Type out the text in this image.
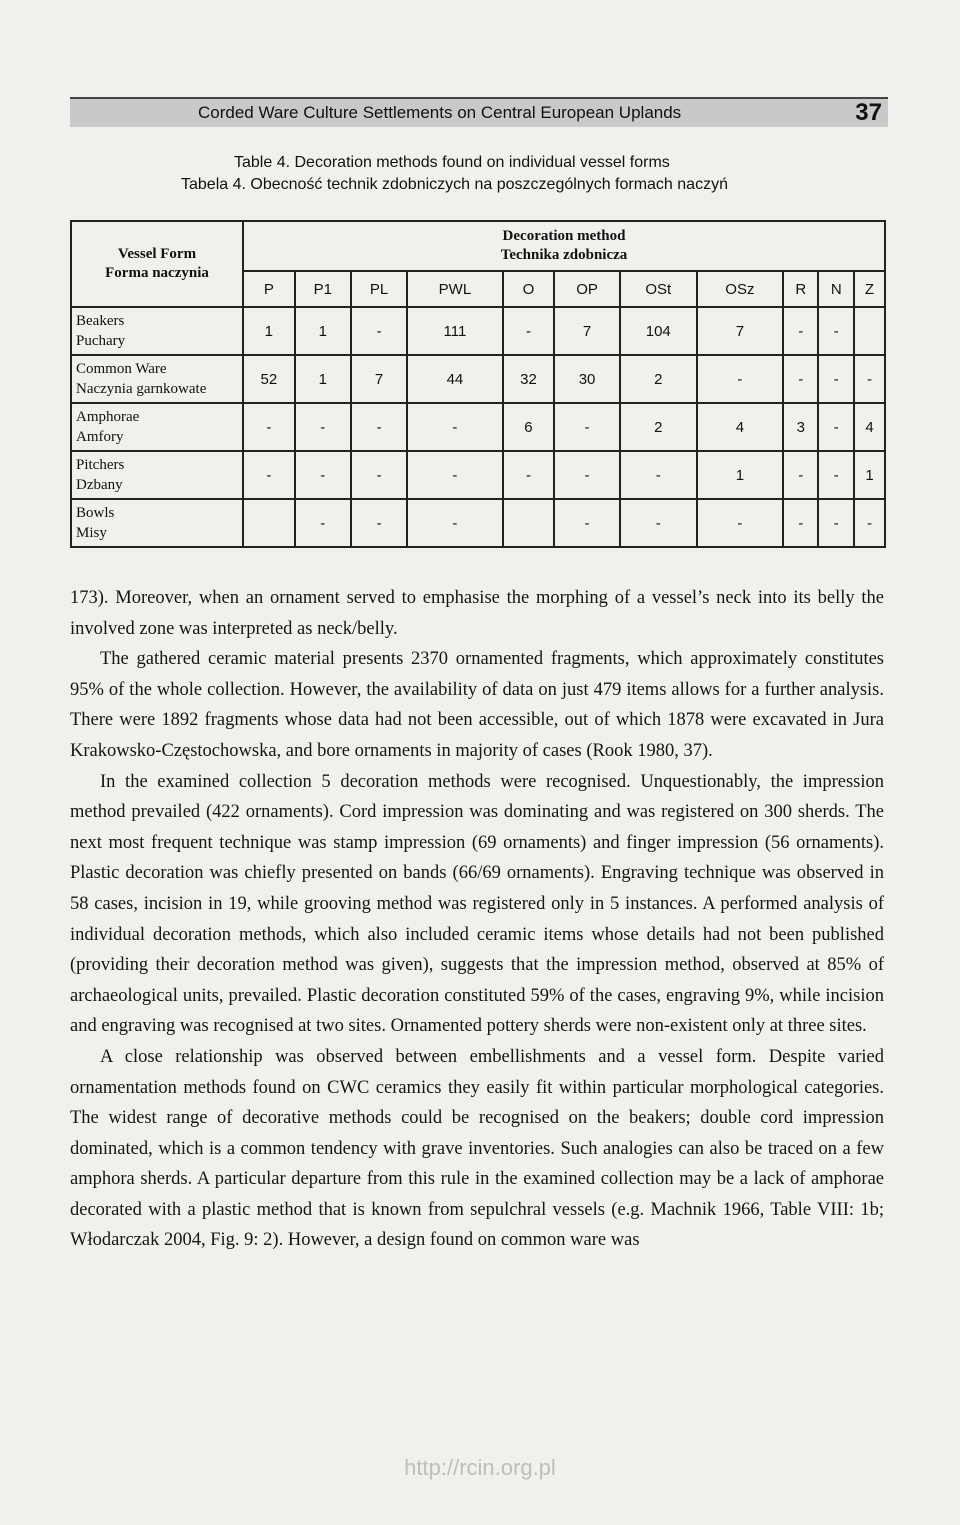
Corded Ware Culture Settlements on Central European Uplands	37
Table 4. Decoration methods found on individual vessel forms
Tabela 4. Obecność technik zdobniczych na poszczególnych formach naczyń
Vessel Form
Forma naczynia	Decoration method
Technika zdobnicza										
	P	P1	PL	PWL	O	OP	OSt	OSz	R	N	Z
Beakers
Puchary	1	1	-	111	-	7	104	7	-	-	
Common Ware
Naczynia garnkowate	52	1	7	44	32	30	2	-	-	-	-
Amphorae
Amfory	-	-	-	-	6	-	2	4	3	-	4
Pitchers
Dzbany	-	-	-	-	-	-	-	1	-	-	1
Bowls
Misy		-	-	-		-	-	-	-	-	-

173). Moreover, when an ornament served to emphasise the morphing of a vessel’s neck into its belly the involved zone was interpreted as neck/belly.

The gathered ceramic material presents 2370 ornamented fragments, which approximately constitutes 95% of the whole collection. However, the availability of data on just 479 items allows for a further analysis. There were 1892 fragments whose data had not been accessible, out of which 1878 were excavated in Jura Krakowsko-Częstochowska, and bore ornaments in majority of cases (Rook 1980, 37).

In the examined collection 5 decoration methods were recognised. Unquestionably, the impression method prevailed (422 ornaments). Cord impression was dominating and was registered on 300 sherds. The next most frequent technique was stamp impression (69 ornaments) and finger impression (56 ornaments). Plastic decoration was chiefly presented on bands (66/69 ornaments). Engraving technique was observed in 58 cases, incision in 19, while grooving method was registered only in 5 instances. A performed analysis of individual decoration methods, which also included ceramic items whose details had not been published (providing their decoration method was given), suggests that the impression method, observed at 85% of archaeological units, prevailed. Plastic decoration constituted 59% of the cases, engraving 9%, while incision and engraving was recognised at two sites. Ornamented pottery sherds were non-existent only at three sites.

A close relationship was observed between embellishments and a vessel form. Despite varied ornamentation methods found on CWC ceramics they easily fit within particular morphological categories. The widest range of decorative methods could be recognised on the beakers; double cord impression dominated, which is a common tendency with grave inventories. Such analogies can also be traced on a few amphora sherds. A particular departure from this rule in the examined collection may be a lack of amphorae decorated with a plastic method that is known from sepulchral vessels (e.g. Machnik 1966, Table VIII: 1b; Włodarczak 2004, Fig. 9: 2). However, a design found on common ware was

http://rcin.org.pl
